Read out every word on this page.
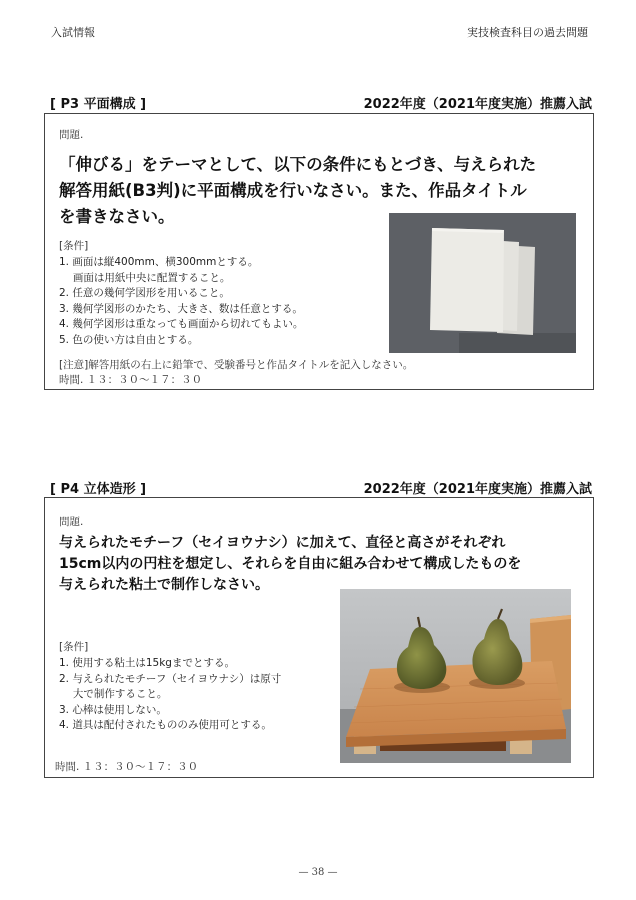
入試情報	実技検査科目の過去問題
[ P3 平面構成 ]	2022年度（2021年度実施）推薦入試
問題.
「伸びる」をテーマとして、以下の条件にもとづき、与えられた
解答用紙(B3判)に平面構成を行いなさい。また、作品タイトル
を書きなさい。
[条件]
1. 画面は縦400mm、横300mmとする。
　 画面は用紙中央に配置すること。
2. 任意の幾何学図形を用いること。
3. 幾何学図形のかたち、大きさ、数は任意とする。
4. 幾何学図形は重なっても画面から切れてもよい。
5. 色の使い方は自由とする。
[注意]解答用紙の右上に鉛筆で、受験番号と作品タイトルを記入しなさい。
時間. １３：３０〜１７：３０
[ P4 立体造形 ]	2022年度（2021年度実施）推薦入試
問題.
与えられたモチーフ（セイヨウナシ）に加えて、直径と高さがそれぞれ
15cm以内の円柱を想定し、それらを自由に組み合わせて構成したものを
与えられた粘土で制作しなさい。
[条件]
1. 使用する粘土は15kgまでとする。
2. 与えられたモチーフ（セイヨウナシ）は原寸
　 大で制作すること。
3. 心棒は使用しない。
4. 道具は配付されたもののみ使用可とする。
時間. １３：３０〜１７：３０
— 38 —
